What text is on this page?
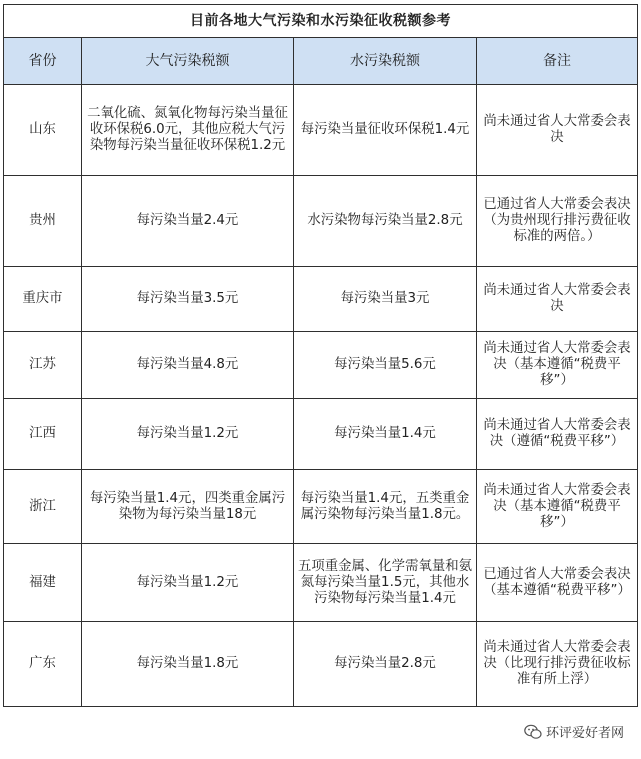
目前各地大气污染和水污染征收税额参考			
省份	大气污染税额	水污染税额	备注
山东	二氧化硫、氮氧化物每污染当量征收环保税6.0元，其他应税大气污染物每污染当量征收环保税1.2元	每污染当量征收环保税1.4元	尚未通过省人大常委会表决
贵州	每污染当量2.4元	水污染物每污染当量2.8元	已通过省人大常委会表决（为贵州现行排污费征收标准的两倍。）
重庆市	每污染当量3.5元	每污染当量3元	尚未通过省人大常委会表决
江苏	每污染当量4.8元	每污染当量5.6元	尚未通过省人大常委会表决（基本遵循“税费平移”）
江西	每污染当量1.2元	每污染当量1.4元	尚未通过省人大常委会表决（遵循“税费平移”）
浙江	每污染当量1.4元，四类重金属污染物为每污染当量18元	每污染当量1.4元，五类重金属污染物每污染当量1.8元。	尚未通过省人大常委会表决（基本遵循“税费平移”）
福建	每污染当量1.2元	五项重金属、化学需氧量和氨氮每污染当量1.5元，其他水污染物每污染当量1.4元	已通过省人大常委会表决（基本遵循“税费平移”）
广东	每污染当量1.8元	每污染当量2.8元	尚未通过省人大常委会表决（比现行排污费征收标准有所上浮）
环评爱好者网
